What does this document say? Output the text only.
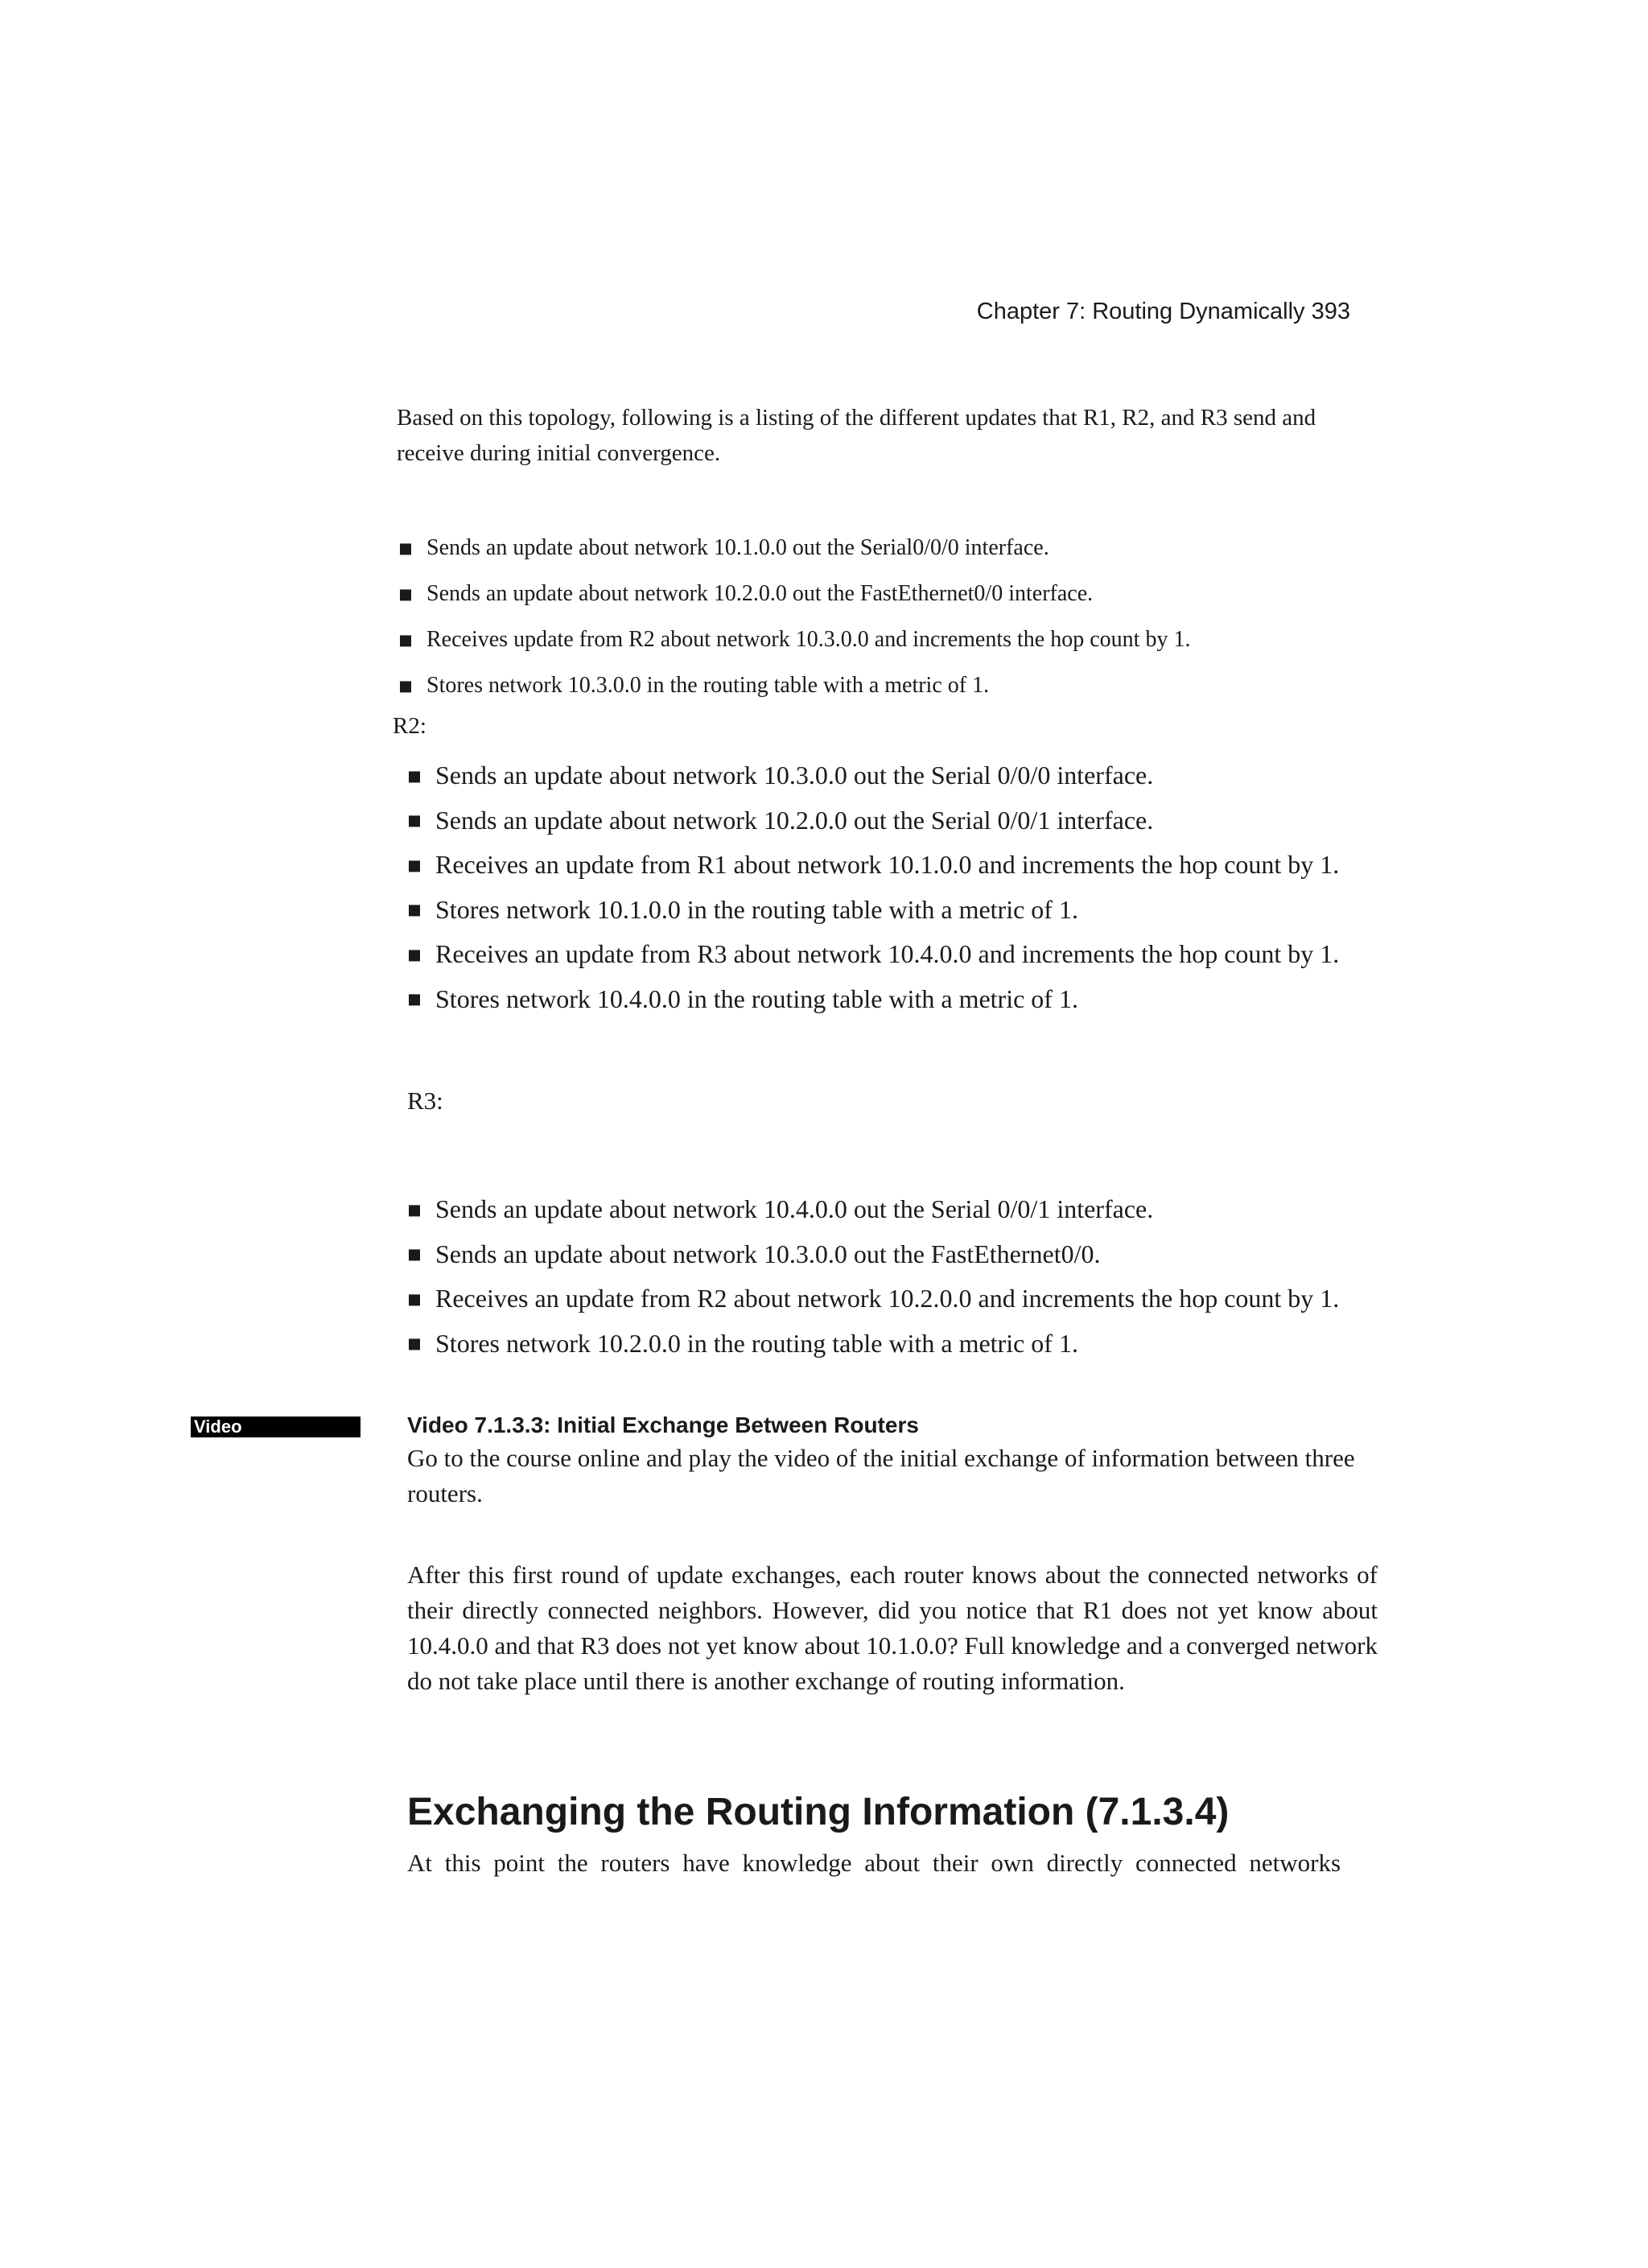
Chapter 7: Routing Dynamically 393

Based on this topology, following is a listing of the different updates that R1, R2, and R3 send and receive during initial convergence.

Sends an update about network 10.1.0.0 out the Serial0/0/0 interface.
Sends an update about network 10.2.0.0 out the FastEthernet0/0 interface.
Receives update from R2 about network 10.3.0.0 and increments the hop count by 1.
Stores network 10.3.0.0 in the routing table with a metric of 1.
R2:
Sends an update about network 10.3.0.0 out the Serial 0/0/0 interface.
Sends an update about network 10.2.0.0 out the Serial 0/0/1 interface.
Receives an update from R1 about network 10.1.0.0 and increments the hop count by 1.
Stores network 10.1.0.0 in the routing table with a metric of 1.
Receives an update from R3 about network 10.4.0.0 and increments the hop count by 1.
Stores network 10.4.0.0 in the routing table with a metric of 1.
R3:
Sends an update about network 10.4.0.0 out the Serial 0/0/1 interface.
Sends an update about network 10.3.0.0 out the FastEthernet0/0.
Receives an update from R2 about network 10.2.0.0 and increments the hop count by 1.
Stores network 10.2.0.0 in the routing table with a metric of 1.
Video	Video 7.1.3.3: Initial Exchange Between Routers

Go to the course online and play the video of the initial exchange of information between three routers.

After this first round of update exchanges, each router knows about the connected networks of their directly connected neighbors. However, did you notice that R1 does not yet know about 10.4.0.0 and that R3 does not yet know about 10.1.0.0? Full knowledge and a converged network do not take place until there is another exchange of routing information.

Exchanging the Routing Information (7.1.3.4)

At this point the routers have knowledge about their own directly connected networks
